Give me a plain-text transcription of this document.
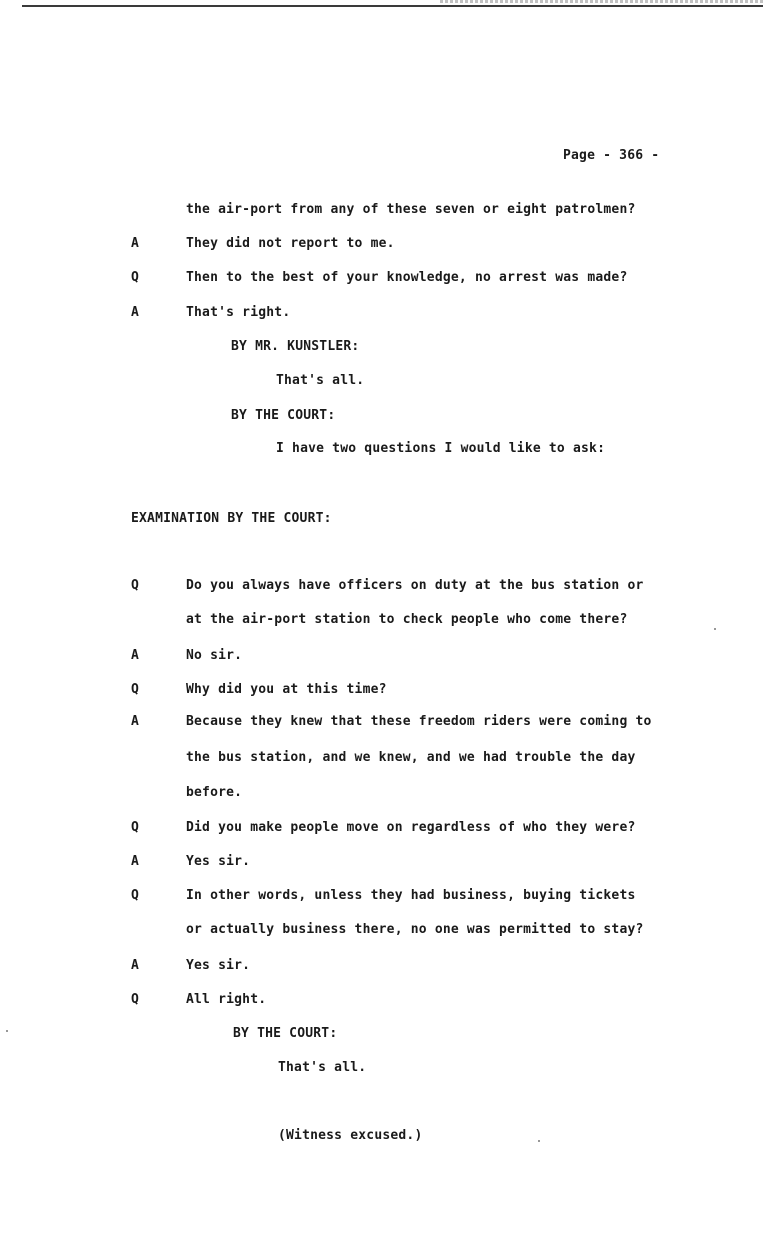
Page - 366 -
the air-port from any of these seven or eight patrolmen?
A	They did not report to me.
Q	Then to the best of your knowledge, no arrest was made?
A	That's right.
BY MR. KUNSTLER:
That's all.
BY THE COURT:
I have two questions I would like to ask:
EXAMINATION BY THE COURT:
Q	Do you always have officers on duty at the bus station or
at the air-port station to check people who come there?
A	No sir.
Q	Why did you at this time?
A	Because they knew that these freedom riders were coming to
the bus station, and we knew, and we had trouble the day
before.
Q	Did you make people move on regardless of who they were?
A	Yes sir.
Q	In other words, unless they had business, buying tickets
or actually business there, no one was permitted to stay?
A	Yes sir.
Q	All right.
BY THE COURT:
That's all.
(Witness excused.)
